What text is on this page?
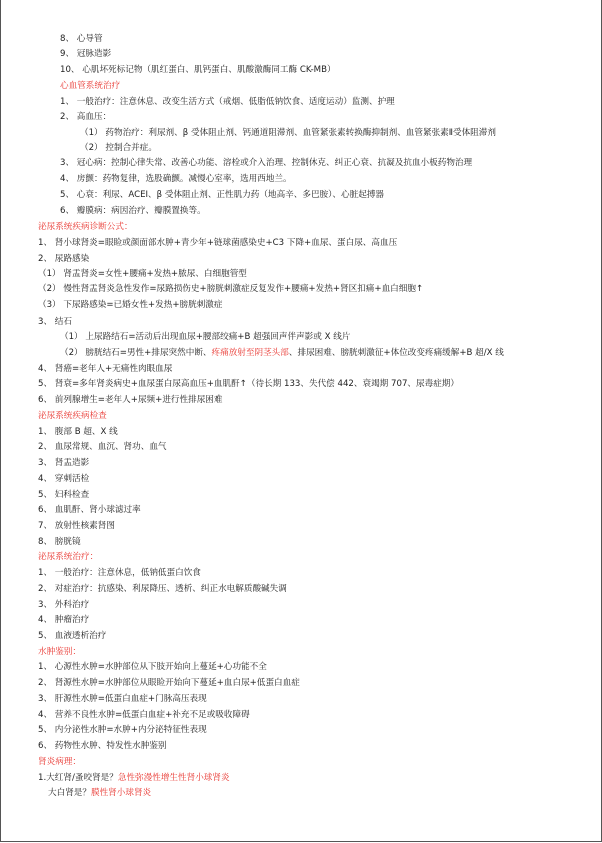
8、 心导管
9、 冠脉造影
10、 心肌坏死标记物（肌红蛋白、肌钙蛋白、肌酸激酶同工酶 CK-MB）
心血管系统治疗
1、 一般治疗：注意休息、改变生活方式（戒烟、低脂低钠饮食、适度运动）监测、护理
2、 高血压：
（1） 药物治疗：利尿剂、β 受体阻止剂、钙通道阻滞剂、血管紧张素转换酶抑制剂、血管紧张素Ⅱ受体阻滞剂
（2） 控制合并症。
3、 冠心病：控制心律失常、改善心功能、溶栓或介入治理、控制休克、纠正心衰、抗凝及抗血小板药物治理
4、 房颤：药物复律，选股确颤。减慢心室率，选用西地兰。
5、 心衰：利尿、ACEI、β 受体阻止剂、正性肌力药（地高辛、多巴胺）、心脏起搏器
6、 瓣膜病：病因治疗、瓣膜置换等。
泌尿系统疾病诊断公式：
1、 肾小球肾炎=眼睑或颜面部水肿+青少年+链球菌感染史+C3 下降+血尿、蛋白尿、高血压
2、 尿路感染
（1） 肾盂肾炎=女性+腰痛+发热+脓尿、白细胞管型
（2） 慢性肾盂肾炎急性发作=尿路损伤史+膀胱刺激症反复发作+腰痛+发热+肾区扣痛+血白细胞↑
（3） 下尿路感染=已婚女性+发热+膀胱刺激症
3、 结石
（1） 上尿路结石=活动后出现血尿+腰部绞痛+B 超强回声伴声影或 X 线片
（2） 膀胱结石=男性+排尿突然中断、疼痛放射至阴茎头部、排尿困难、膀胱刺激征+体位改变疼痛缓解+B 超/X 线
4、 肾癌=老年人+无痛性肉眼血尿
5、 肾衰=多年肾炎病史+血尿蛋白尿高血压+血肌酐↑（待长期 133、失代偿 442、衰竭期 707、尿毒症期）
6、 前列腺增生=老年人+尿频+进行性排尿困难
泌尿系统疾病检查
1、 腹部 B 超、X 线
2、 血尿常规、血沉、肾功、血气
3、 肾盂造影
4、 穿刺活检
5、 妇科检查
6、 血肌酐、肾小球滤过率
7、 放射性核素肾图
8、 膀胱镜
泌尿系统治疗：
1、 一般治疗：注意休息，低钠低蛋白饮食
2、 对症治疗：抗感染、利尿降压、透析、纠正水电解质酸碱失调
3、 外科治疗
4、 肿瘤治疗
5、 血液透析治疗
水肿鉴别：
1、 心源性水肿=水肿部位从下肢开始向上蔓延+心功能不全
2、 肾源性水肿=水肿部位从眼睑开始向下蔓延+血白尿+低蛋白血症
3、 肝源性水肿=低蛋白血症+门脉高压表现
4、 营养不良性水肿=低蛋白血症+补充不足或吸收障碍
5、 内分泌性水肿=水肿+内分泌特征性表现
6、 药物性水肿、特发性水肿鉴别
肾炎病理：
1.大红肾/蚤咬肾是？急性弥漫性增生性肾小球肾炎
大白肾是？膜性肾小球肾炎
